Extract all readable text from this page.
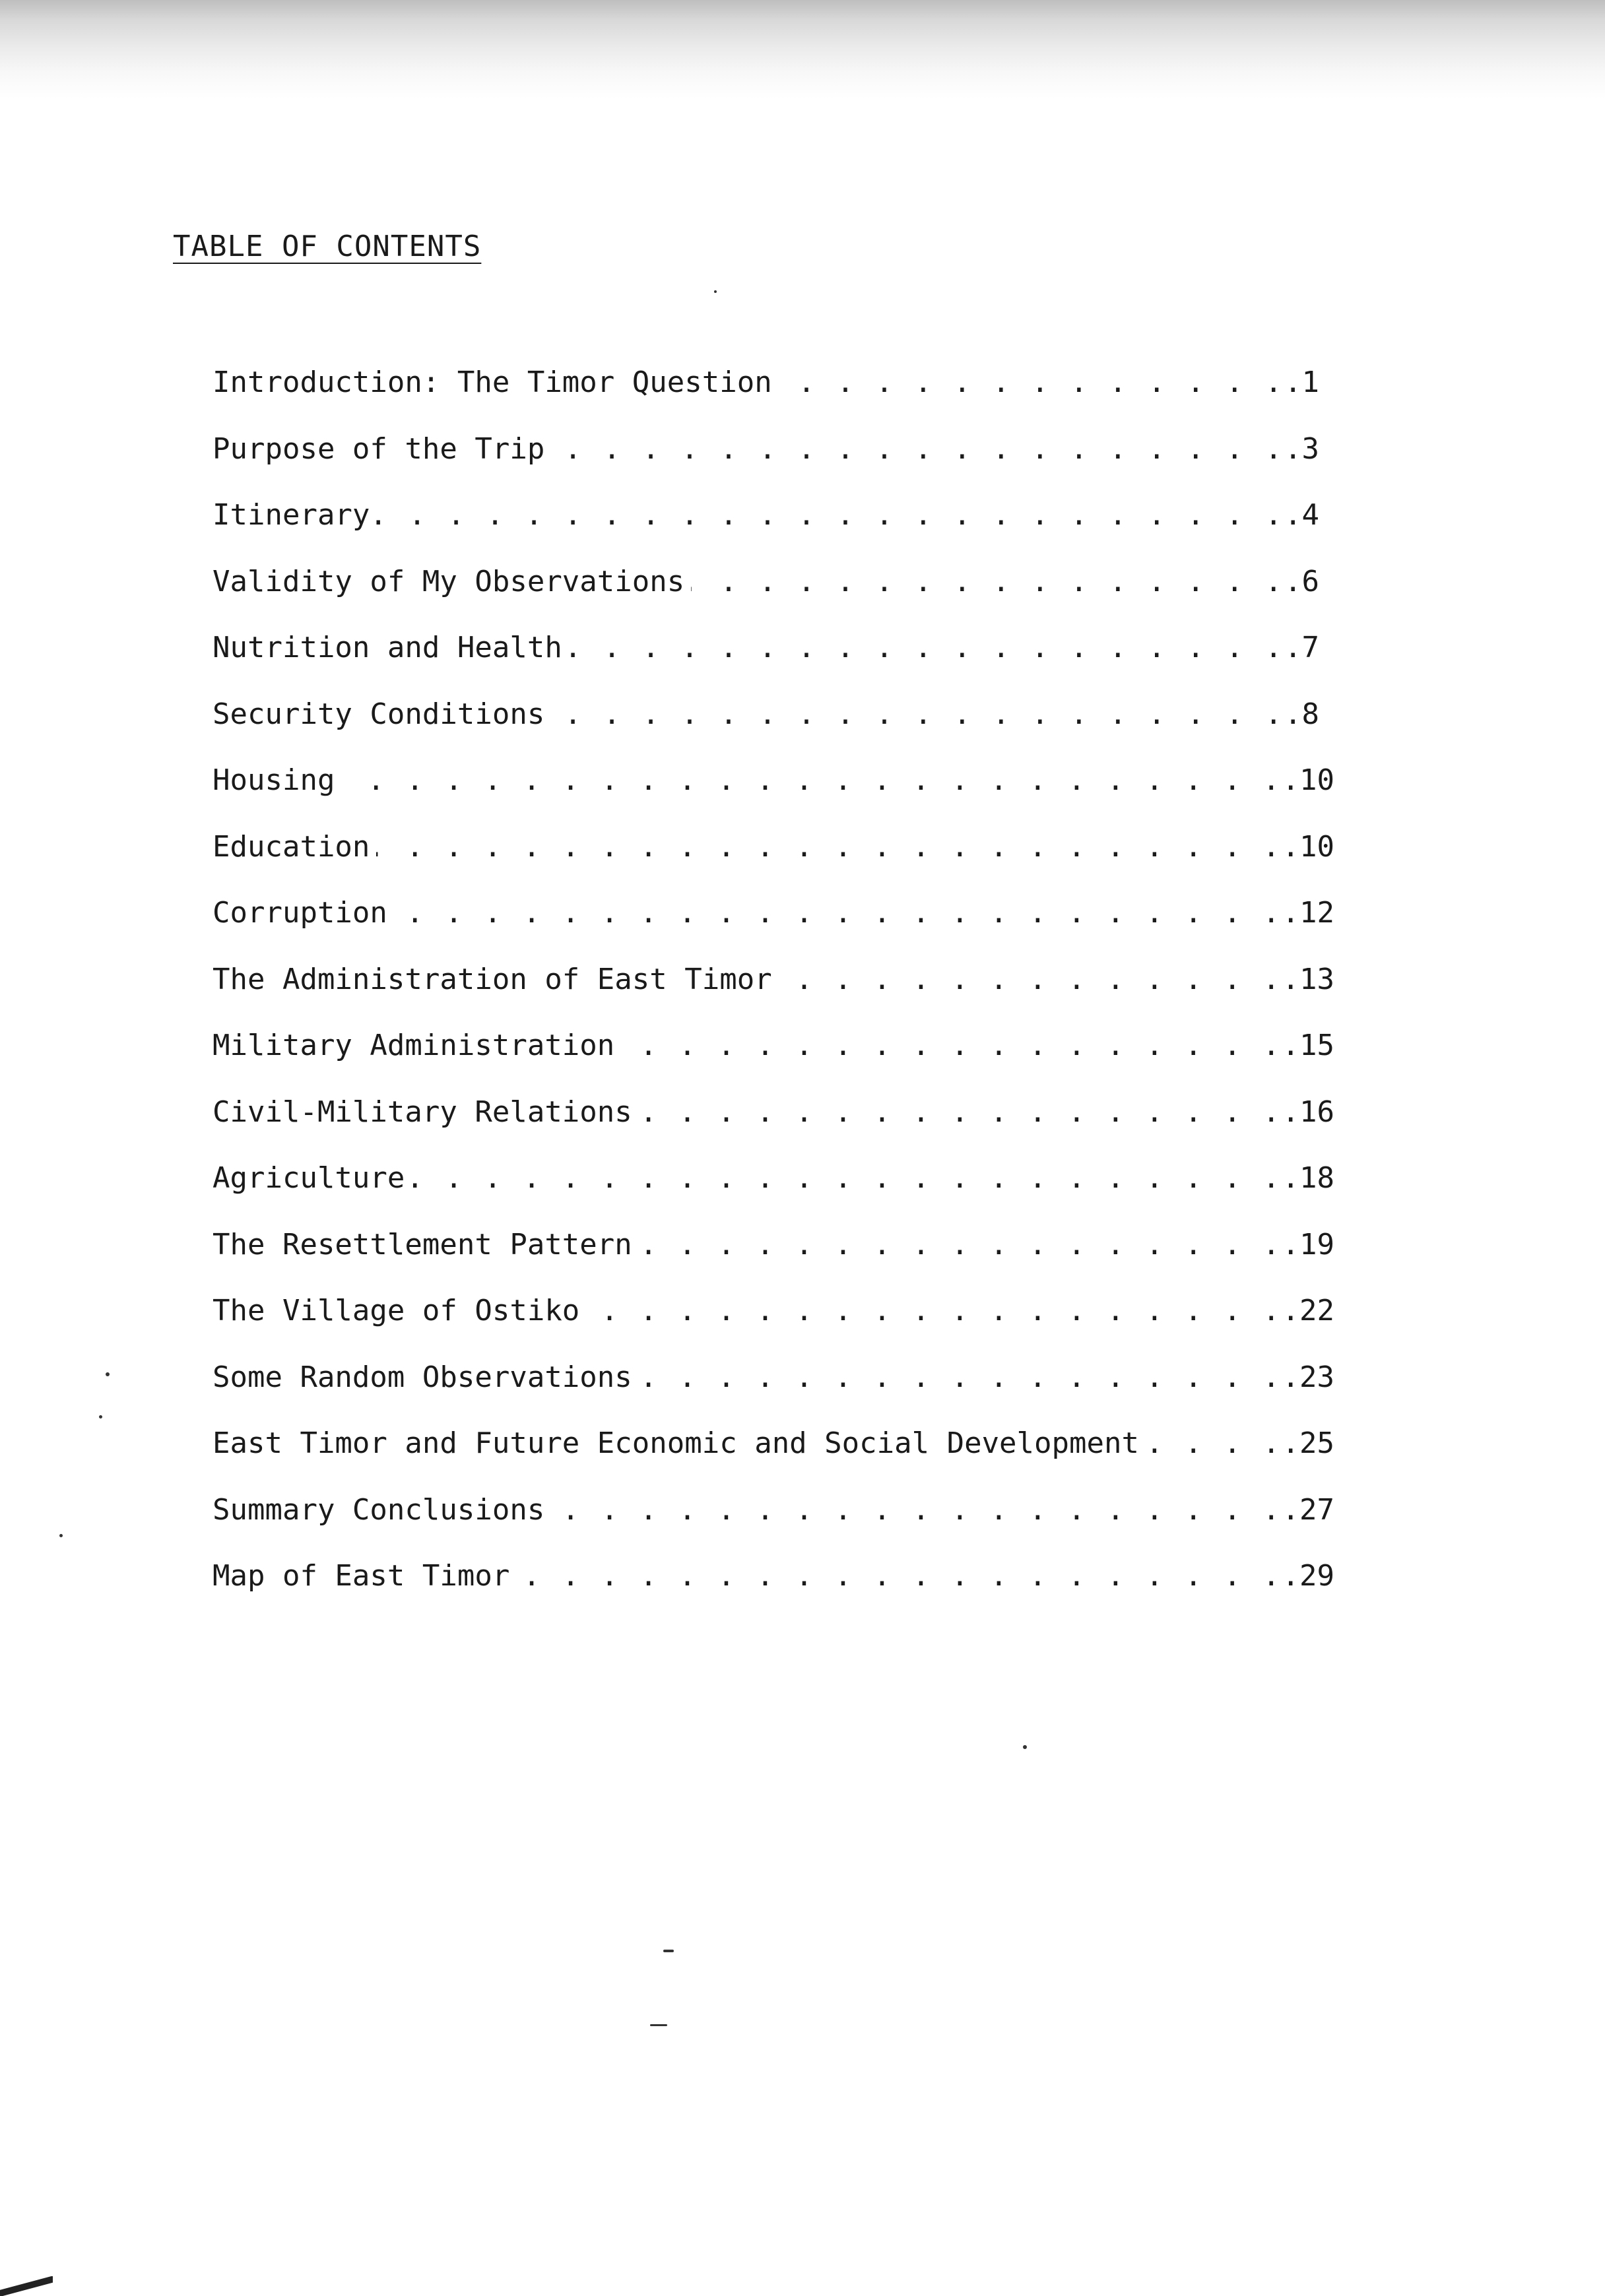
TABLE OF CONTENTS
Introduction: The Timor Question . . .	.1
Purpose of the Trip . . .	.3
Itinerary . . .	.4
Validity of My Observations . . .	.6
Nutrition and Health . . .	.7
Security Conditions . . .	.8
Housing . . .	.10
Education . . .	.10
Corruption . . .	.12
The Administration of East Timor . . .	.13
Military Administration . . .	.15
Civil-Military Relations . . .	.16
Agriculture . . .	.18
The Resettlement Pattern . . .	.19
The Village of Ostiko . . .	.22
Some Random Observations . . .	.23
East Timor and Future Economic and Social Development . . .	.25
Summary Conclusions . . .	.27
Map of East Timor . . .	.29
